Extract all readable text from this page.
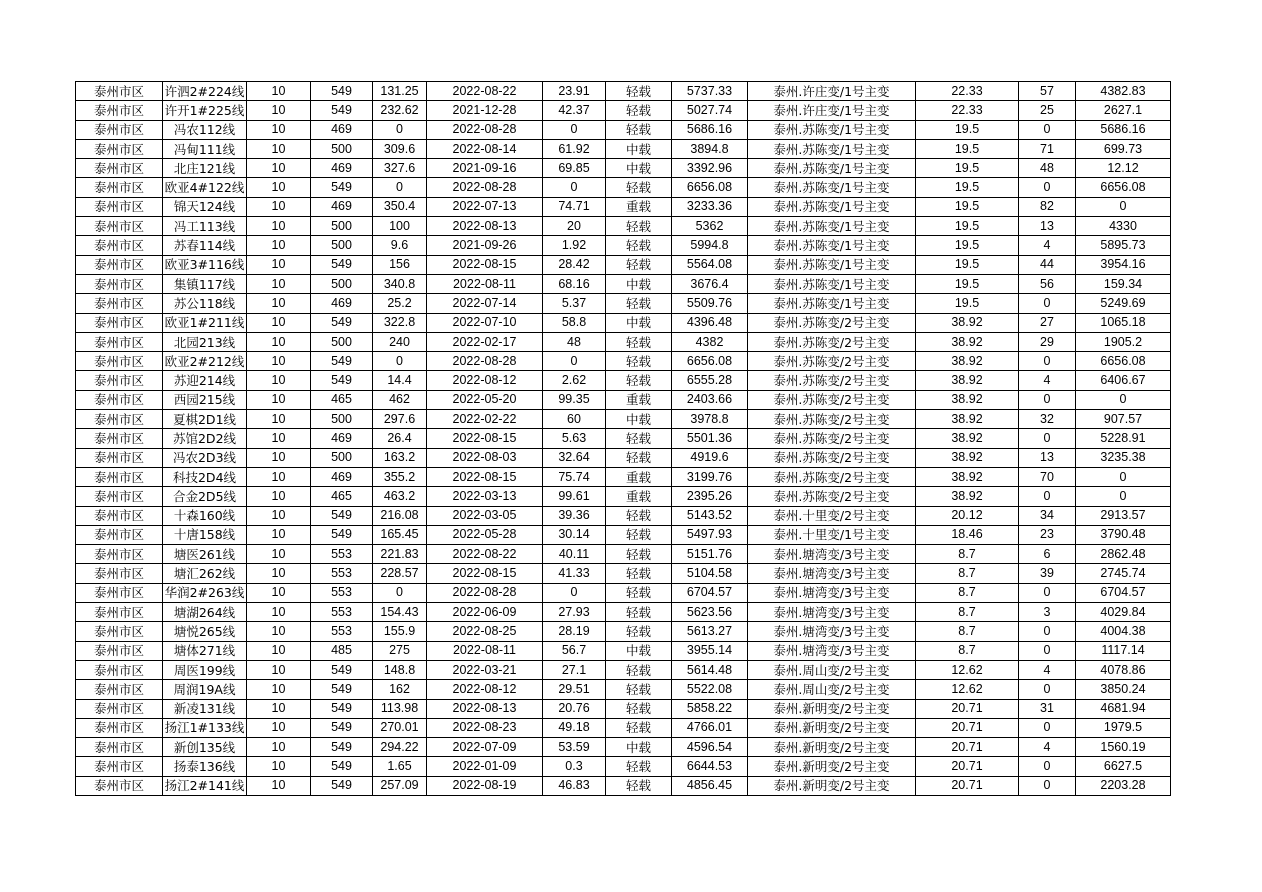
泰州市区	许泗2#224线	10	549	131.25	2022-08-22	23.91	轻载	5737.33	泰州.许庄变/1号主变	22.33	57	4382.83
泰州市区	许开1#225线	10	549	232.62	2021-12-28	42.37	轻载	5027.74	泰州.许庄变/1号主变	22.33	25	2627.1
泰州市区	冯农112线	10	469	0	2022-08-28	0	轻载	5686.16	泰州.苏陈变/1号主变	19.5	0	5686.16
泰州市区	冯甸111线	10	500	309.6	2022-08-14	61.92	中载	3894.8	泰州.苏陈变/1号主变	19.5	71	699.73
泰州市区	北庄121线	10	469	327.6	2021-09-16	69.85	中载	3392.96	泰州.苏陈变/1号主变	19.5	48	12.12
泰州市区	欧亚4#122线	10	549	0	2022-08-28	0	轻载	6656.08	泰州.苏陈变/1号主变	19.5	0	6656.08
泰州市区	锦天124线	10	469	350.4	2022-07-13	74.71	重载	3233.36	泰州.苏陈变/1号主变	19.5	82	0
泰州市区	冯工113线	10	500	100	2022-08-13	20	轻载	5362	泰州.苏陈变/1号主变	19.5	13	4330
泰州市区	苏春114线	10	500	9.6	2021-09-26	1.92	轻载	5994.8	泰州.苏陈变/1号主变	19.5	4	5895.73
泰州市区	欧亚3#116线	10	549	156	2022-08-15	28.42	轻载	5564.08	泰州.苏陈变/1号主变	19.5	44	3954.16
泰州市区	集镇117线	10	500	340.8	2022-08-11	68.16	中载	3676.4	泰州.苏陈变/1号主变	19.5	56	159.34
泰州市区	苏公118线	10	469	25.2	2022-07-14	5.37	轻载	5509.76	泰州.苏陈变/1号主变	19.5	0	5249.69
泰州市区	欧亚1#211线	10	549	322.8	2022-07-10	58.8	中载	4396.48	泰州.苏陈变/2号主变	38.92	27	1065.18
泰州市区	北园213线	10	500	240	2022-02-17	48	轻载	4382	泰州.苏陈变/2号主变	38.92	29	1905.2
泰州市区	欧亚2#212线	10	549	0	2022-08-28	0	轻载	6656.08	泰州.苏陈变/2号主变	38.92	0	6656.08
泰州市区	苏迎214线	10	549	14.4	2022-08-12	2.62	轻载	6555.28	泰州.苏陈变/2号主变	38.92	4	6406.67
泰州市区	西园215线	10	465	462	2022-05-20	99.35	重载	2403.66	泰州.苏陈变/2号主变	38.92	0	0
泰州市区	夏棋2D1线	10	500	297.6	2022-02-22	60	中载	3978.8	泰州.苏陈变/2号主变	38.92	32	907.57
泰州市区	苏馆2D2线	10	469	26.4	2022-08-15	5.63	轻载	5501.36	泰州.苏陈变/2号主变	38.92	0	5228.91
泰州市区	冯农2D3线	10	500	163.2	2022-08-03	32.64	轻载	4919.6	泰州.苏陈变/2号主变	38.92	13	3235.38
泰州市区	科技2D4线	10	469	355.2	2022-08-15	75.74	重载	3199.76	泰州.苏陈变/2号主变	38.92	70	0
泰州市区	合金2D5线	10	465	463.2	2022-03-13	99.61	重载	2395.26	泰州.苏陈变/2号主变	38.92	0	0
泰州市区	十森160线	10	549	216.08	2022-03-05	39.36	轻载	5143.52	泰州.十里变/2号主变	20.12	34	2913.57
泰州市区	十唐158线	10	549	165.45	2022-05-28	30.14	轻载	5497.93	泰州.十里变/1号主变	18.46	23	3790.48
泰州市区	塘医261线	10	553	221.83	2022-08-22	40.11	轻载	5151.76	泰州.塘湾变/3号主变	8.7	6	2862.48
泰州市区	塘汇262线	10	553	228.57	2022-08-15	41.33	轻载	5104.58	泰州.塘湾变/3号主变	8.7	39	2745.74
泰州市区	华润2#263线	10	553	0	2022-08-28	0	轻载	6704.57	泰州.塘湾变/3号主变	8.7	0	6704.57
泰州市区	塘湖264线	10	553	154.43	2022-06-09	27.93	轻载	5623.56	泰州.塘湾变/3号主变	8.7	3	4029.84
泰州市区	塘悦265线	10	553	155.9	2022-08-25	28.19	轻载	5613.27	泰州.塘湾变/3号主变	8.7	0	4004.38
泰州市区	塘体271线	10	485	275	2022-08-11	56.7	中载	3955.14	泰州.塘湾变/3号主变	8.7	0	1117.14
泰州市区	周医199线	10	549	148.8	2022-03-21	27.1	轻载	5614.48	泰州.周山变/2号主变	12.62	4	4078.86
泰州市区	周润19A线	10	549	162	2022-08-12	29.51	轻载	5522.08	泰州.周山变/2号主变	12.62	0	3850.24
泰州市区	新凌131线	10	549	113.98	2022-08-13	20.76	轻载	5858.22	泰州.新明变/2号主变	20.71	31	4681.94
泰州市区	扬江1#133线	10	549	270.01	2022-08-23	49.18	轻载	4766.01	泰州.新明变/2号主变	20.71	0	1979.5
泰州市区	新创135线	10	549	294.22	2022-07-09	53.59	中载	4596.54	泰州.新明变/2号主变	20.71	4	1560.19
泰州市区	扬泰136线	10	549	1.65	2022-01-09	0.3	轻载	6644.53	泰州.新明变/2号主变	20.71	0	6627.5
泰州市区	扬江2#141线	10	549	257.09	2022-08-19	46.83	轻载	4856.45	泰州.新明变/2号主变	20.71	0	2203.28
